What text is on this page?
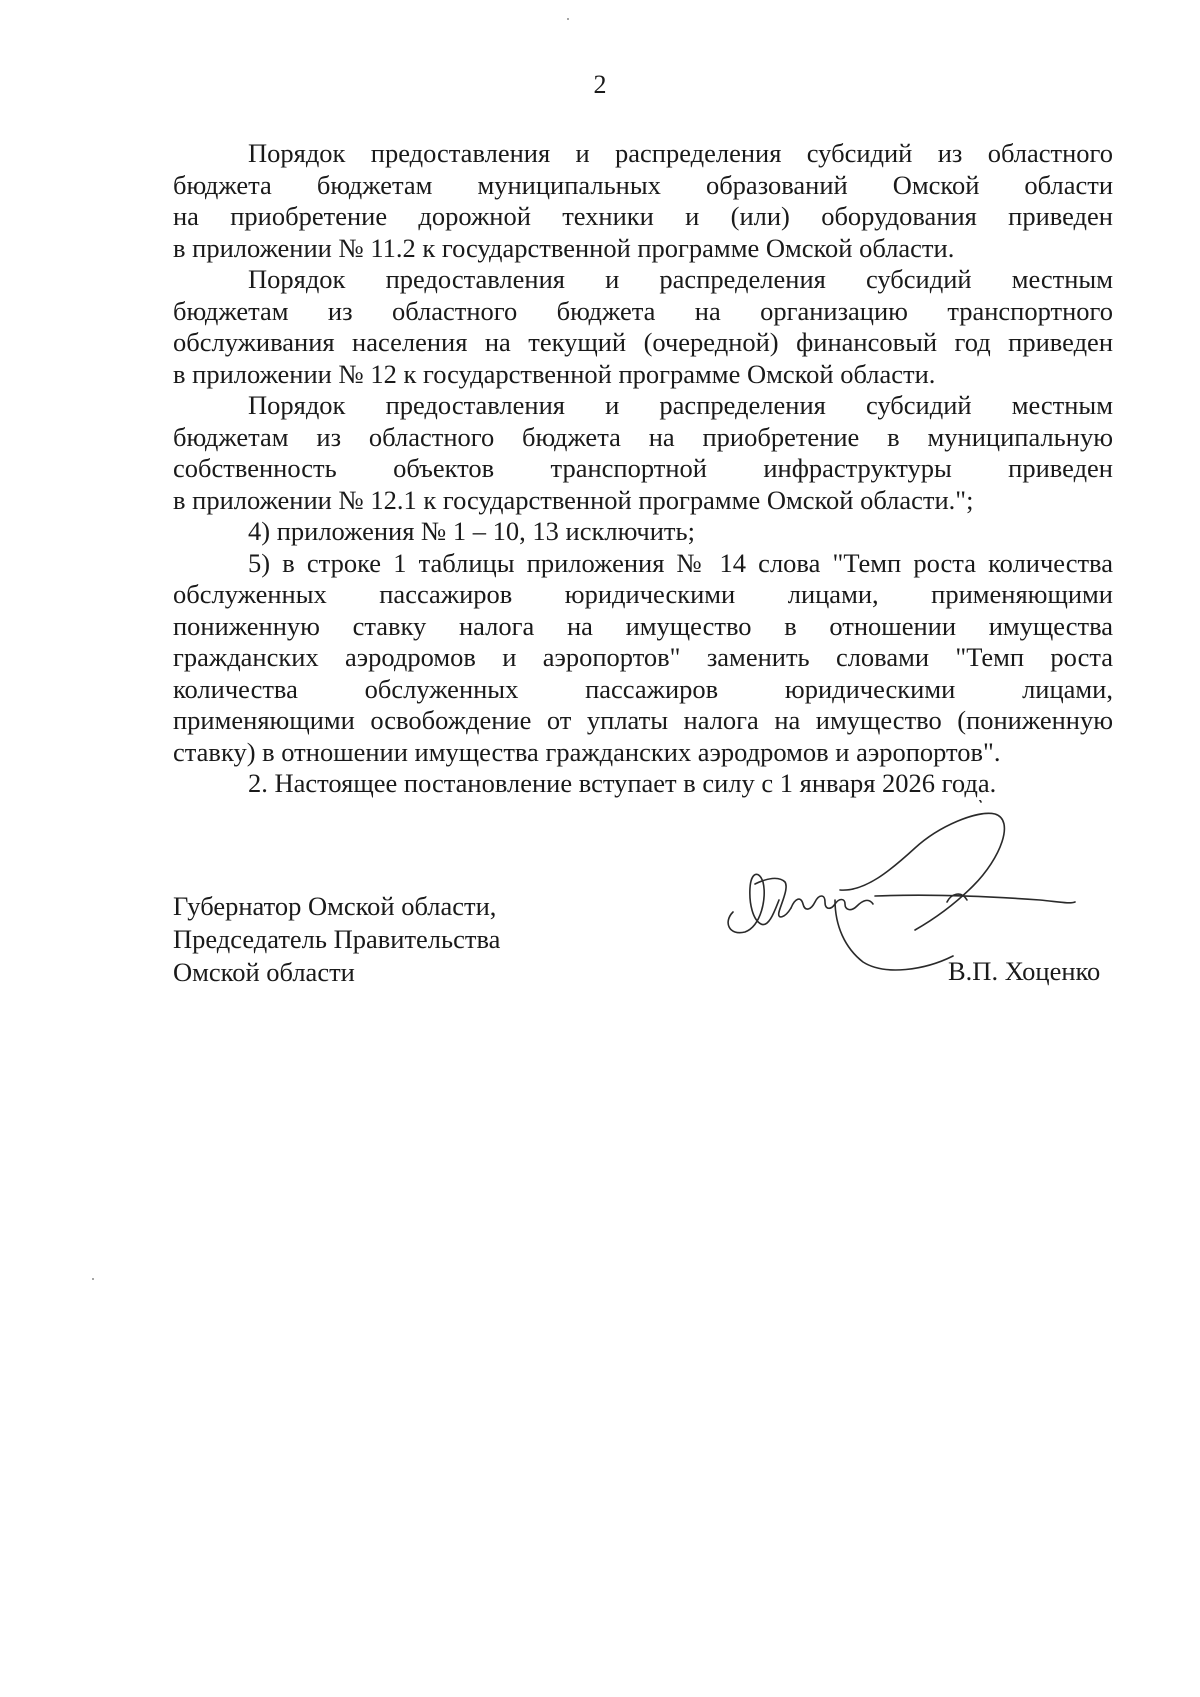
2
Порядок предоставления и распределения субсидий из областного
бюджета бюджетам муниципальных образований Омской области
на приобретение дорожной техники и (или) оборудования приведен
в приложении № 11.2 к государственной программе Омской области.
Порядок предоставления и распределения субсидий местным
бюджетам из областного бюджета на организацию транспортного
обслуживания населения на текущий (очередной) финансовый год приведен
в приложении № 12 к государственной программе Омской области.
Порядок предоставления и распределения субсидий местным
бюджетам из областного бюджета на приобретение в муниципальную
собственность объектов транспортной инфраструктуры приведен
в приложении № 12.1 к государственной программе Омской области.";
4) приложения № 1 – 10, 13 исключить;
5) в строке 1 таблицы приложения № 14 слова "Темп роста количества
обслуженных пассажиров юридическими лицами, применяющими
пониженную ставку налога на имущество в отношении имущества
гражданских аэродромов и аэропортов" заменить словами "Темп роста
количества обслуженных пассажиров юридическими лицами,
применяющими освобождение от уплаты налога на имущество (пониженную
ставку) в отношении имущества гражданских аэродромов и аэропортов".
2. Настоящее постановление вступает в силу с 1 января 2026 года.
Губернатор Омской области,
Председатель Правительства
Омской области	В.П. Хоценко
